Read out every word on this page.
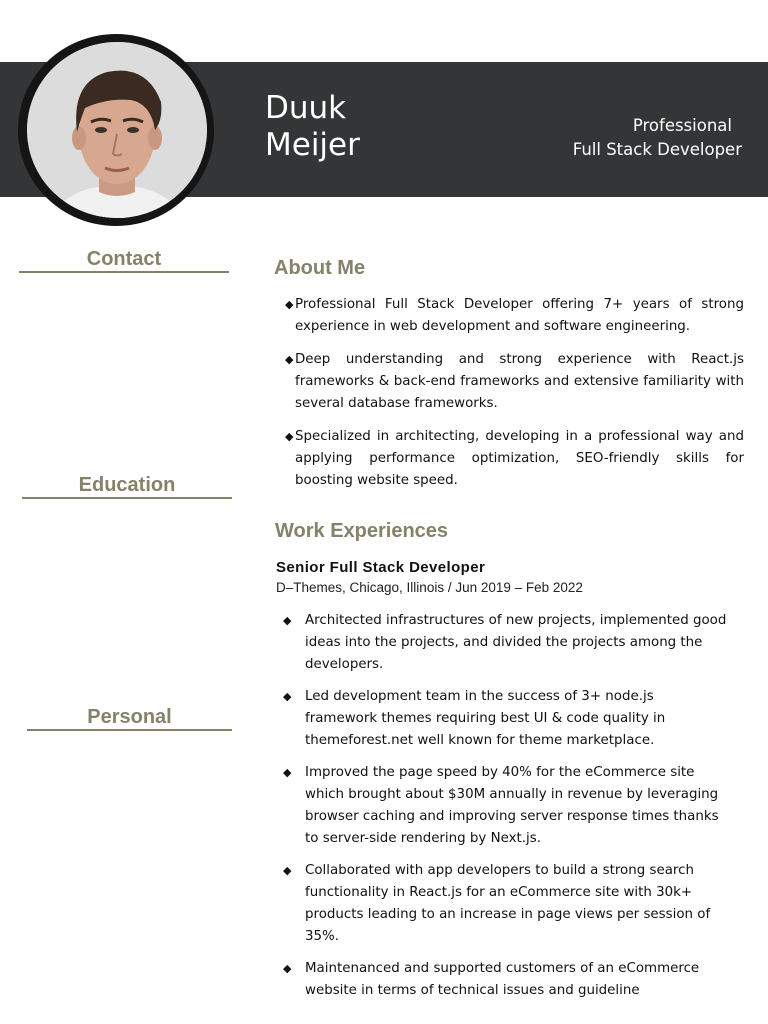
Duuk
Meijer
Professional
Full Stack Developer
Contact
Education
Personal
About Me
◆ Professional Full Stack Developer offering 7+ years of strong experience in web development and software engineering.
◆ Deep understanding and strong experience with React.js frameworks & back-end frameworks and extensive familiarity with several database frameworks.
◆ Specialized in architecting, developing in a professional way and applying performance optimization, SEO-friendly skills for boosting website speed.
Work Experiences
Senior Full Stack Developer
D–Themes, Chicago, Illinois / Jun 2019 – Feb 2022
◆ Architected infrastructures of new projects, implemented good ideas into the projects, and divided the projects among the developers.
◆ Led development team in the success of 3+ node.js framework themes requiring best UI & code quality in themeforest.net well known for theme marketplace.
◆ Improved the page speed by 40% for the eCommerce site which brought about $30M annually in revenue by leveraging browser caching and improving server response times thanks to server-side rendering by Next.js.
◆ Collaborated with app developers to build a strong search functionality in React.js for an eCommerce site with 30k+ products leading to an increase in page views per session of 35%.
◆ Maintenanced and supported customers of an eCommerce website in terms of technical issues and guideline
